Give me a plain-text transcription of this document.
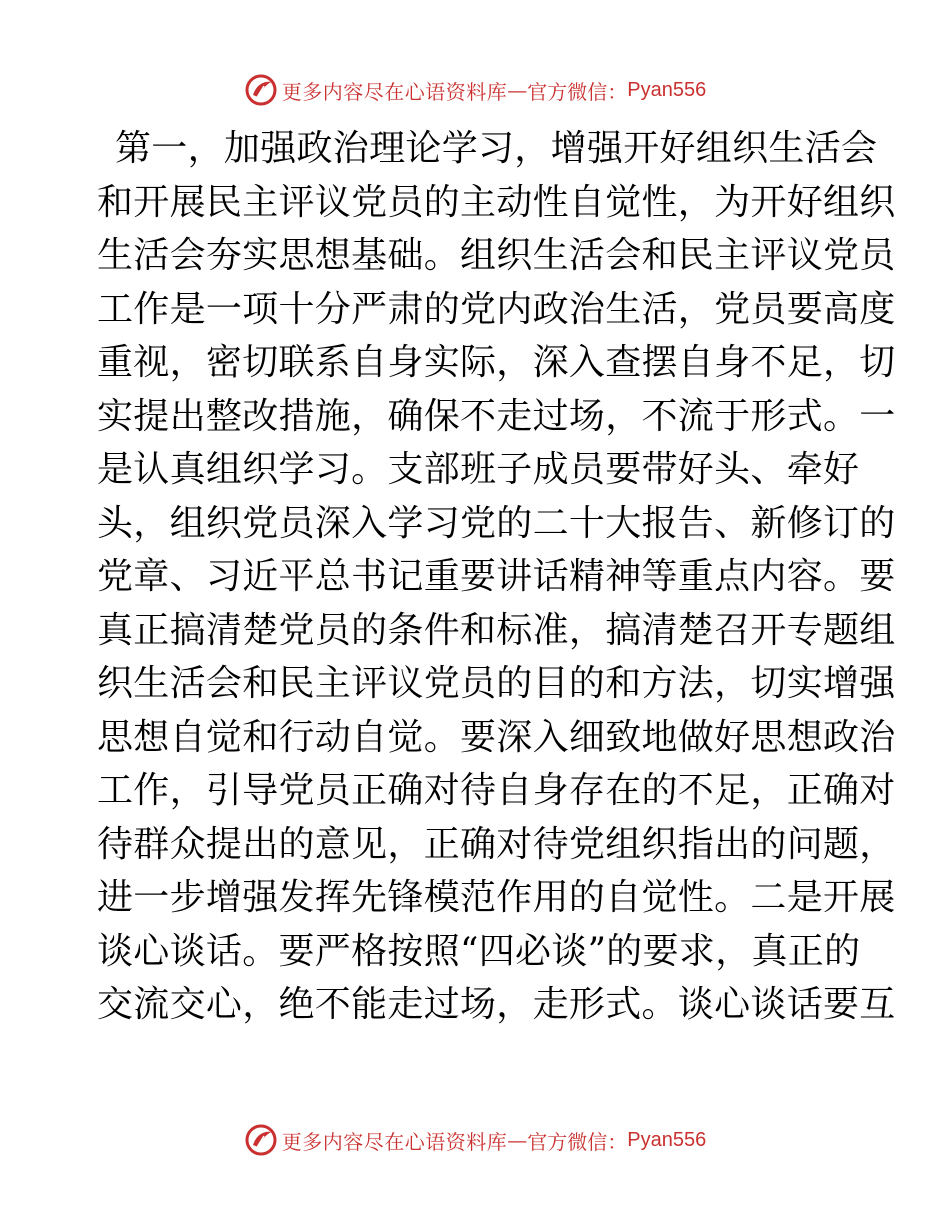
更多内容尽在心语资料库 — 官方微信： Pyan556
第一，加强政治理论学习，增强开好组织生活会
和开展民主评议党员的主动性自觉性，为开好组织
生活会夯实思想基础。组织生活会和民主评议党员
工作是一项十分严肃的党内政治生活，党员要高度
重视，密切联系自身实际，深入查摆自身不足，切
实提出整改措施，确保不走过场，不流于形式。一
是认真组织学习。支部班子成员要带好头、牵好
头，组织党员深入学习党的二十大报告、新修订的
党章、习近平总书记重要讲话精神等重点内容。要
真正搞清楚党员的条件和标准，搞清楚召开专题组
织生活会和民主评议党员的目的和方法，切实增强
思想自觉和行动自觉。要深入细致地做好思想政治
工作，引导党员正确对待自身存在的不足，正确对
待群众提出的意见，正确对待党组织指出的问题，
进一步增强发挥先锋模范作用的自觉性。二是开展
谈心谈话。要严格按照“四必谈”的要求，真正的
交流交心，绝不能走过场，走形式。谈心谈话要互
更多内容尽在心语资料库 — 官方微信： Pyan556
